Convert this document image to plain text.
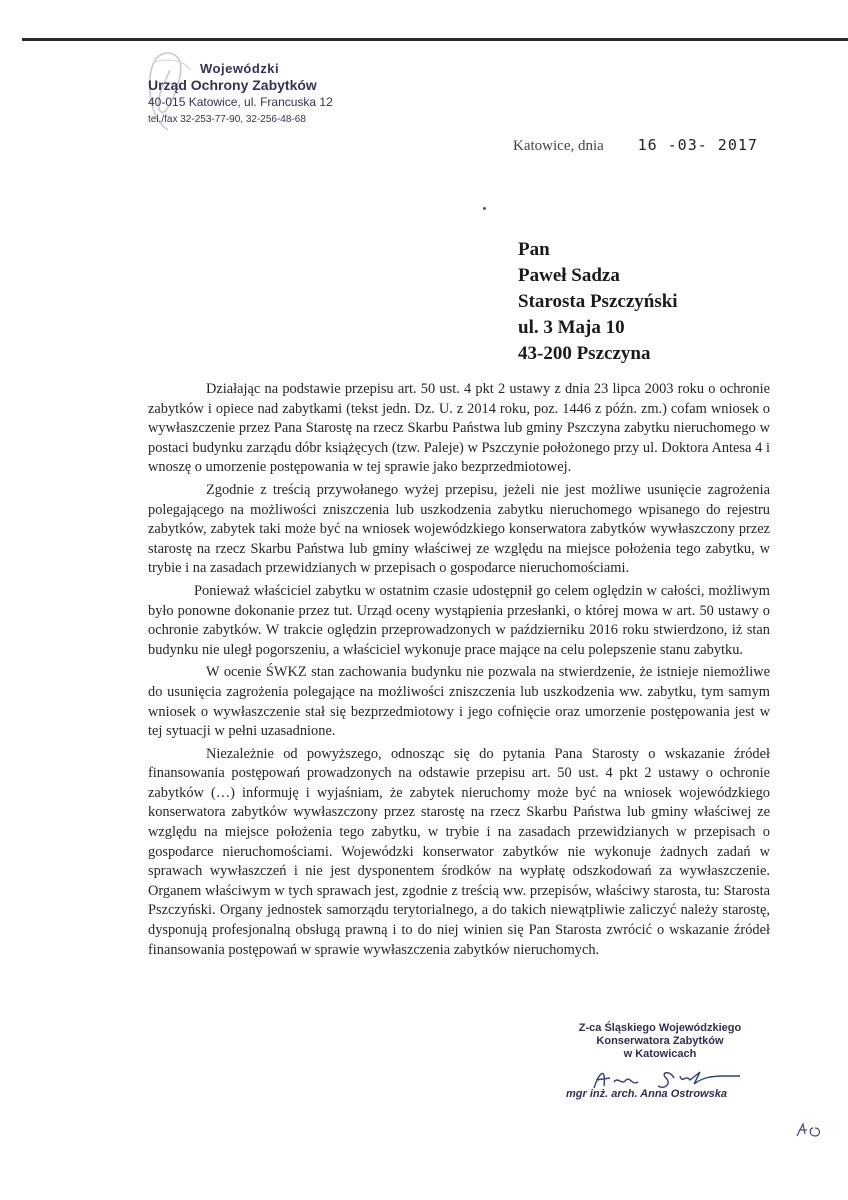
Wojewódzki
Urząd Ochrony Zabytków
40-015 Katowice, ul. Francuska 12
tel./fax 32-253-77-90, 32-256-48-68
Katowice, dnia 16 -03- 2017
Pan
Paweł Sadza
Starosta Pszczyński
ul. 3 Maja 10
43-200 Pszczyna

Działając na podstawie przepisu art. 50 ust. 4 pkt 2 ustawy z dnia 23 lipca 2003 roku o ochronie zabytków i opiece nad zabytkami (tekst jedn. Dz. U. z 2014 roku, poz. 1446 z późn. zm.) cofam wniosek o wywłaszczenie przez Pana Starostę na rzecz Skarbu Państwa lub gminy Pszczyna zabytku nieruchomego w postaci budynku zarządu dóbr książęcych (tzw. Paleje) w Pszczynie położonego przy ul. Doktora Antesa 4 i wnoszę o umorzenie postępowania w tej sprawie jako bezprzedmiotowej.

Zgodnie z treścią przywołanego wyżej przepisu, jeżeli nie jest możliwe usunięcie zagrożenia polegającego na możliwości zniszczenia lub uszkodzenia zabytku nieruchomego wpisanego do rejestru zabytków, zabytek taki może być na wniosek wojewódzkiego konserwatora zabytków wywłaszczony przez starostę na rzecz Skarbu Państwa lub gminy właściwej ze względu na miejsce położenia tego zabytku, w trybie i na zasadach przewidzianych w przepisach o gospodarce nieruchomościami.

Ponieważ właściciel zabytku w ostatnim czasie udostępnił go celem oględzin w całości, możliwym było ponowne dokonanie przez tut. Urząd oceny wystąpienia przesłanki, o której mowa w art. 50 ustawy o ochronie zabytków. W trakcie oględzin przeprowadzonych w październiku 2016 roku stwierdzono, iż stan budynku nie uległ pogorszeniu, a właściciel wykonuje prace mające na celu polepszenie stanu zabytku.

W ocenie ŚWKZ stan zachowania budynku nie pozwala na stwierdzenie, że istnieje niemożliwe do usunięcia zagrożenia polegające na możliwości zniszczenia lub uszkodzenia ww. zabytku, tym samym wniosek o wywłaszczenie stał się bezprzedmiotowy i jego cofnięcie oraz umorzenie postępowania jest w tej sytuacji w pełni uzasadnione.

Niezależnie od powyższego, odnosząc się do pytania Pana Starosty o wskazanie źródeł finansowania postępowań prowadzonych na odstawie przepisu art. 50 ust. 4 pkt 2 ustawy o ochronie zabytków (…) informuję i wyjaśniam, że zabytek nieruchomy może być na wniosek wojewódzkiego konserwatora zabytków wywłaszczony przez starostę na rzecz Skarbu Państwa lub gminy właściwej ze względu na miejsce położenia tego zabytku, w trybie i na zasadach przewidzianych w przepisach o gospodarce nieruchomościami. Wojewódzki konserwator zabytków nie wykonuje żadnych zadań w sprawach wywłaszczeń i nie jest dysponentem środków na wypłatę odszkodowań za wywłaszczenie. Organem właściwym w tych sprawach jest, zgodnie z treścią ww. przepisów, właściwy starosta, tu: Starosta Pszczyński. Organy jednostek samorządu terytorialnego, a do takich niewątpliwie zaliczyć należy starostę, dysponują profesjonalną obsługą prawną i to do niej winien się Pan Starosta zwrócić o wskazanie źródeł finansowania postępowań w sprawie wywłaszczenia zabytków nieruchomych.

Z-ca Śląskiego Wojewódzkiego
Konserwatora Zabytków
w Katowicach
mgr inż. arch. Anna Ostrowska
